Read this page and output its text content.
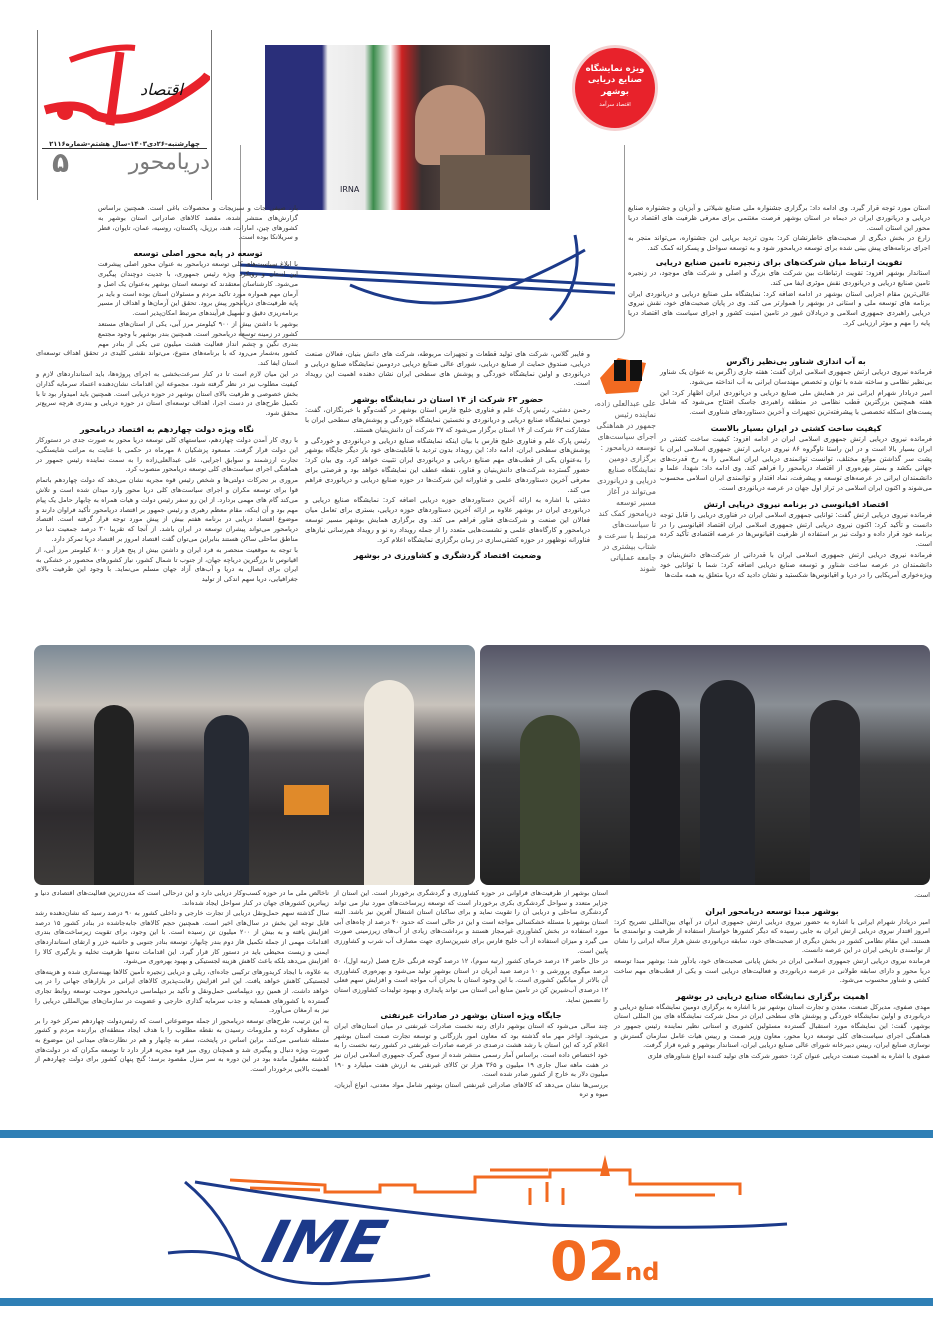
اقتصاد
چهارشنبه-۲۶دی۱۴۰۳-سال هشتم-شماره۲۱۱۶
دریامحور
۵
IRNA
ویژه نمایشگاه
صنایع دریایی بوشهر
اقتصاد سرآمد

استان مورد توجه قرار گیرد. وی ادامه داد: برگزاری جشنواره ملی صنایع شیلاتی و آبزیان و جشنواره صنایع دریایی و دریانوردی ایران در دیماه در استان بوشهر فرصت مغتنمی برای معرفی ظرفیت های اقتصاد دریا محور این استان است.

زارع در بخش دیگری از صحبت‌های خاطرنشان کرد: بدون تردید برپایی این جشنواره، می‌تواند منجر به اجرای برنامه‌های پیش بینی شده برای توسعه دریامحور شود و به توسعه سواحل و پسکرانه کمک کند.

تقویت ارتباط میان شرکت‌های برای زنجیره تامین صنایع دریایی

استاندار بوشهر افزود: تقویت ارتباطات بین شرکت های بزرگ و اصلی و شرکت های موجود، در زنجیره تامین صنایع دریایی و دریانوردی نقش موثری ایفا می کند.

عالی‌ترین مقام اجرایی استان بوشهر در ادامه اضافه کرد: نمایشگاه ملی صنایع دریایی و دریانوردی ایران برنامه های توسعه ملی و استانی در بوشهر را هموارتر می کند. وی در پایان صحبت‌های خود، نقش نیروی دریایی راهبردی جمهوری اسلامی و دریادلان غیور در تامین امنیت کشور و اجرای سیاست های اقتصاد دریا پایه را مهم و موثر ارزیابی کرد.

بار، صیفی جات و سبزیجات و محصولات باغی است. همچنین براساس گزارش‌های منتشر شده، مقصد کالاهای صادراتی استان بوشهر به کشورهای چین، امارات، هند، برزیل، پاکستان، روسیه، عمان، تایوان، قطر و سریلانکا بوده است.

توسعه در پایه محور اصلی توسعه

با ابلاغ سیاست‌های کلی توسعه دریامحور به عنوان محور اصلی پیشرفت این استان و رویکرد ویژه رئیس جمهوری، با جدیت دوچندان پیگیری می‌شود. کارشناسان معتقدند که توسعه استان بوشهر به‌عنوان یک اصل و آرمان مهم همواره مورد تاکید مردم و مسئولان استان بوده است و باید بر پایه ظرفیت‌های دریامحور پیش برود. تحقق این آرمان‌ها و اهداف از مسیر برنامه‌ریزی دقیق و تسهیل فرآیندهای مرتبط امکان‌پذیر است.

بوشهر با داشتن بیش از ۹۰۰ کیلومتر مرز آبی، یکی از استان‌های مستعد کشور در زمینه توسعه دریامحور است. همچنین بندر بوشهر با وجود مجتمع بندری نگین و چشم انداز فعالیت هشت میلیون تنی یکی از بنادر مهم کشور به‌شمار می‌رود که با برنامه‌های متنوع، می‌تواند نقشی کلیدی در تحقق اهداف توسعه‌ای استان ایفا کند.

در این میان لازم است تا در کنار سرعت‌بخشی به اجرای پروژه‌ها، باید استانداردهای لازم و کیفیت مطلوب نیز در نظر گرفته شود. مجموعه این اقدامات نشان‌دهنده اعتماد سرمایه گذاران بخش خصوصی و ظرفیت بالای استان بوشهر در حوزه دریایی است. همچنین باید امیدوار بود تا با تکمیل طرح‌های در دست اجرا، اهداف توسعه‌ای استان در حوزه دریایی و بندری هرچه سریع‌تر محقق شود.

نگاه ویژه دولت چهاردهم به اقتصاد دریامحور

با روی کار آمدن دولت چهاردهم، سیاستهای کلی توسعه دریا محور به صورت جدی در دستورکار این دولت قرار گرفت. مسعود پزشکیان ۸ مهرماه در حکمی با عنایت به مراتب شایستگی، تجارت ارزشمند و سوابق اجرایی، علی عبدالعلی‌زاده را به سمت نماینده رئیس جمهور در هماهنگی اجرای سیاست‌های کلی توسعه دریامحور منصوب کرد.

مروری بر تحرکات دولتی‌ها و شخص رئیس قوه مجریه نشان می‌دهد که دولت چهاردهم باتمام قوا برای توسعه مکران و اجرای سیاست‌های کلی دریا محور وارد میدان شده است و تلاش می‌کند گام های مهمی بردارد. از این رو سفر رئیس دولت و هیات همراه به چابهار حامل یک پیام مهم بود و آن اینکه، مقام معظم رهبری و رئیس جمهور بر اقتصاد دریامحور تأکید فراوان دارند و موضوع اقتصاد دریایی در برنامه هفتم بیش از پیش مورد توجه قرار گرفته است. اقتصاد دریامحور می‌تواند پیشران توسعه در ایران باشد. از آنجا که تقریبا ۳۰ درصد جمعیت دنیا در مناطق ساحلی ساکن هستند بنابراین می‌توان گفت اقتصاد امروز بر اقتصاد دریا تمرکز دارد.

با توجه به موقعیت منحصر به فرد ایران و داشتن بیش از پنج هزار و ۸۰۰ کیلومتر مرز آبی، از اقیانوس تا بزرگترین دریاچه جهان، از جنوب تا شمال کشور، نیاز کشورهای محصور در خشکی به ایران برای اتصال به دریا و آب‌های آزاد جهان مسلم می‌نماید. با وجود این ظرفیت بالای جغرافیایی، دریا سهم اندکی از تولید

و فایبر گلاس، شرکت های تولید قطعات و تجهیزات مربوطه، شرکت های دانش بنیان، فعالان صنعت دریایی، صندوق حمایت از صنایع دریایی، شورای عالی صنایع دریایی دردومین نمایشگاه صنایع دریایی و دریانوردی و اولین نمایشگاه خوردگی و پوشش های سطحی ایران نشان دهنده اهمیت این رویداد است.

حضور ۶۳ شرکت از ۱۴ استان در نمایشگاه بوشهر

رحمن دشتی، رئیس پارک علم و فناوری خلیج فارس استان بوشهر در گفت‌وگو با خبرنگاران، گفت: دومین نمایشگاه صنایع دریایی و دریانوردی و نخستین نمایشگاه خوردگی و پوشش‌های سطحی ایران با مشارکت ۶۳ شرکت از ۱۴ استان برگزار می‌شود که ۲۷ شرکت آن دانش‌بنیان هستند.

رئیس پارک علم و فناوری خلیج فارس با بیان اینکه نمایشگاه صنایع دریایی و دریانوردی و خوردگی و پوشش‌های سطحی ایران، ادامه داد: این رویداد بدون تردید با قابلیت‌های خود بار دیگر جایگاه بوشهر را به‌عنوان یکی از قطب‌های مهم صنایع دریایی و دریانوردی ایران تثبیت خواهد کرد. وی بیان کرد: حضور گسترده شرکت‌های دانش‌بنیان و فناور، نقطه عطف این نمایشگاه خواهد بود و فرصتی برای معرفی آخرین دستاوردهای علمی و فناورانه این شرکت‌ها در حوزه صنایع دریایی و دریانوردی فراهم می کند.

دشتی با اشاره به ارائه آخرین دستاوردهای حوزه دریایی اضافه کرد: نمایشگاه صنایع دریایی و دریانوردی ایران در بوشهر علاوه بر ارائه آخرین دستاوردهای حوزه دریایی، بستری برای تعامل میان فعالان این صنعت و شرکت‌های فناور فراهم می کند. وی برگزاری همایش بوشهر مسیر توسعه دریامحور و کارگاه‌های علمی و نشست‌هایی متعدد را از جمله رویداد ره نو و رویداد هم‌رسانی نیازهای فناورانه نوظهور در حوزه کشتی‌سازی در زمان برگزاری نمایشگاه اعلام کرد.

وضعیت اقتصاد گردشگری و کشاورزی در بوشهر
علی عبدالعلی زاده، نماینده رئیس جمهور در هماهنگی اجرای سیاست‌های توسعه دریامحور : برگزاری دومین نمایشگاه صنایع دریایی و دریانوردی می‌تواند در آغاز مسیر توسعه دریامحور کمک کند تا سیاست‌های مرتبط با سرعت و شتاب بیشتری در جامعه عملیاتی شوند
به آب اندازی شناور بی‌نظیر زاگرس

فرمانده نیروی دریایی ارتش جمهوری اسلامی ایران گفت: هفته جاری زاگرس به عنوان یک شناور بی‌نظیر نظامی و ساخته شده با توان و تخصص مهندسان ایرانی به آب انداخته می‌شود.

امیر دریادار شهرام ایرانی نیز در همایش ملی صنایع دریایی و دریانوردی ایران اظهار کرد: این هفته همچنین بزرگترین قطب نظامی در منطقه راهبردی جاسک افتتاح می‌شود که شامل پست‌های اسکله تخصصی با پیشرفته‌ترین تجهیزات و آخرین دستاوردهای شناوری است.

کیفیت ساخت کشتی در ایران بسیار بالاست

فرمانده نیروی دریایی ارتش جمهوری اسلامی ایران در ادامه افزود: کیفیت ساخت کشتی در ایران بسیار بالا است و در این راستا ناوگروه ۸۶ نیروی دریایی ارتش جمهوری اسلامی ایران با پشت سر گذاشتن موانع مختلف، توانست توانمندی دریایی ایران اسلامی را به رخ قدرت‌های جهانی بکشد و بستر بهره‌وری از اقتصاد دریامحور را فراهم کند. وی ادامه داد: شهدا، علما و دانشمندان ایرانی در عرصه‌های توسعه و پیشرفت، نماد اقتدار و توانمندی ایران اسلامی محسوب می‌شوند و اکنون ایران اسلامی در تراز اول جهان در عرصه دریانوردی است.

اقتصاد اقیانوسی در برنامه نیروی دریایی ارتش

فرمانده نیروی دریایی ارتش گفت: توانایی جمهوری اسلامی ایران در فناوری دریایی را قابل توجه دانست و تأکید کرد: اکنون نیروی دریایی ارتش جمهوری اسلامی ایران اقتصاد اقیانوسی را در برنامه خود قرار داده و دولت نیز بر استفاده از ظرفیت اقیانوس‌ها در عرصه اقتصادی تأکید کرده است.

فرمانده نیروی دریایی ارتش جمهوری اسلامی ایران با قدردانی از شرکت‌های دانش‌بنیان و دانشمندان در عرصه ساخت شناور و توسعه صنایع دریایی اضافه کرد: شما با توانایی خود ویژه‌خواری آمریکایی را در دریا و اقیانوس‌ها شکستید و نشان دادید که دریا متعلق به همه ملت‌ها

ناخالص ملی ما در حوزه کسب‌وکار دریایی دارد و این درحالی است که مدرن‌ترین فعالیت‌های اقتصادی دنیا و زیباترین کشورهای جهان در کنار سواحل ایجاد شده‌اند.

سال گذشته سهم حمل‌ونقل دریایی از تجارت خارجی و داخلی کشور به ۹۰ درصد رسید که نشان‌دهنده رشد قابل توجه این بخش در سال‌های اخیر است. همچنین حجم کالاهای جابه‌جاشده در بنادر کشور ۱۵ درصد افزایش یافته و به بیش از ۲۰۰ میلیون تن رسیده است. با این وجود، برای تقویت زیرساخت‌های بندری اقدامات مهمی از جمله تکمیل فاز دوم بندر چابهار، توسعه بنادر جنوبی و حاشیه خزر و ارتقای استانداردهای ایمنی و زیست محیطی باید در دستور کار قرار گیرد. این اقدامات نه‌تنها ظرفیت تخلیه و بارگیری کالا را افزایش می‌دهد بلکه باعث کاهش هزینه لجستیکی و بهبود بهره‌وری می‌شود.

به علاوه، با ایجاد کریدورهای ترکیبی جاده‌ای، ریلی و دریایی زنجیره تأمین کالاها بهینه‌سازی شده و هزینه‌های لجستیکی کاهش خواهد یافت. این امر افزایش رقابت‌پذیری کالاهای ایرانی در بازارهای جهانی را در پی خواهد داشت. از همین رو، دیپلماسی حمل‌ونقل و تأکید بر دیپلماسی دریامحور موجب توسعه روابط تجاری گسترده با کشورهای همسایه و جذب سرمایه گذاری خارجی و عضویت در سازمان‌های بین‌المللی دریایی را نیز به ارمغان می‌آورد.

به این ترتیب، طرح‌های توسعه دریامحور از جمله موضوعاتی است که رئیس‌دولت چهاردهم تمرکز خود را بر آن معطوف کرده و ملزومات رسیدن به نقطه مطلوب را با هدف ایجاد منطقه‌ای برازنده مردم و کشور مسئله شناسی می‌کند. براین اساس در پایتخت، سفر به چابهار و هم در نظارت‌های میدانی این موضوع به صورت ویژه دنبال و پیگیری شد و همچنان روی میز قوه مجریه قرار دارد تا توسعه مکران که در دولت‌های گذشته مغفول مانده بود در این دوره به سر منزل مقصود برسد؛ گنج پنهان کشور برای دولت چهاردهم از اهمیت بالایی برخوردار است.

استان بوشهر از ظرفیت‌های فراوانی در حوزه کشاورزی و گردشگری برخوردار است. این استان از جزایر متعدد و سواحل گردشگری بکری برخوردار است که توسعه زیرساخت‌های مورد نیاز می تواند گردشگری ساحلی و دریایی آن را تقویت نماید و برای ساکنان استان اشتغال آفرین نیز باشد. البته استان بوشهر با مسئله خشکسالی مواجه است و این در حالی است که حدود ۴۰ درصد از چاه‌های آبی مورد استفاده در بخش کشاورزی غیرمجاز هستند و برداشت‌های زیادی از آب‌های زیرزمینی صورت می گیرد و میزان استفاده از آب خلیج فارس برای شیرین‌سازی جهت مصارف آب شرب و کشاورزی پایین است.

در حال حاضر ۱۴ درصد خرمای کشور (رتبه سوم)، ۱۲ درصد گوجه فرنگی خارج فصل (رتبه اول)، ۵۰ درصد میگوی پرورشی و ۱۰ درصد صید آبزیان در استان بوشهر تولید می‌شود و بهره‌وری کشاورزی آن بالاتر از میانگین کشوری است. با این وجود استان با بحران آب مواجه است و افزایش سهم فعلی ۱۲ درصدی آب‌شیرین کن در تامین منابع آبی استان می تواند پایداری و بهبود تولیدات کشاورزی استان را تضمین نماید.

جایگاه ویژه استان بوشهر در صادرات غیرنفتی

چند سالی می‌شود که استان بوشهر دارای رتبه نخست صادرات غیرنفتی در میان استان‌های ایران می‌شود. اواخر مهر ماه گذشته بود که معاون امور بازرگانی و توسعه تجارت صمت استان بوشهر اعلام کرد که این استان با رشد هشت درصدی در عرصه صادرات غیرنفتی در کشور رتبه نخست را به خود اختصاص داده است. براساس آمار رسمی منتشر شده از سوی گمرک جمهوری اسلامی ایران نیز در هفت ماهه سال جاری ۱۹ میلیون و ۳۶۵ هزار تن کالای غیرنفتی به ارزش هفت میلیارد و ۱۹۰ میلیون دلار به خارج از کشور صادر شده است.

بررسی‌ها نشان می‌دهد که کالاهای صادراتی غیرنفتی استان بوشهر شامل مواد معدنی، انواع آبزیان، میوه و تره

است.

بوشهر مبدا توسعه دریامحور ایران

امیر دریادار شهرام ایرانی با اشاره به حضور نیروی دریایی ارتش جمهوری ایران در آبهای بین‌المللی تصریح کرد: امروز اقتدار نیروی دریایی ارتش ایران به جایی رسیده که دیگر کشورها خواستار استفاده از ظرفیت و توانمندی ما هستند. این مقام نظامی کشور در بخش دیگری از صحبت‌های خود، سابقه دریانوردی شش هزار ساله ایرانی را نشان از توانمندی تاریخی ایران در این عرصه دانست.

فرمانده نیروی دریایی ارتش جمهوری اسلامی ایران در بخش پایانی صحبت‌های خود، یادآور شد: بوشهر مبدا توسعه دریا محور و دارای سابقه طولانی در عرصه دریانوردی و فعالیت‌های دریایی است و یکی از قطب‌های مهم ساخت کشتی و شناور محسوب می‌شود.

اهمیت برگزاری نمایشگاه صنایع دریایی در بوشهر

مهدی صفوی، مدیرکل صنعت، معدن و تجارت استان بوشهر نیز با اشاره به برگزاری دومین نمایشگاه صنایع دریایی و دریانوردی و اولین نمایشگاه خوردگی و پوشش های سطحی ایران در محل شرکت نمایشگاه های بین المللی استان بوشهر، گفت: این نمایشگاه مورد استقبال گسترده مسئولین کشوری و استانی نظیر نماینده رئیس جمهور در هماهنگی اجرای سیاست‌های کلی توسعه دریا محور، معاون وزیر صمت و رییس هیات عامل سازمان گسترش و نوسازی صنایع ایران، رییس دبیرخانه شورای عالی صنایع دریایی ایران، استاندار بوشهر و غیره قرار گرفت.

صفوی با اشاره به اهمیت صنعت دریایی عنوان کرد: حضور شرکت های تولید کننده انواع شناورهای فلزی

IME	02nd
